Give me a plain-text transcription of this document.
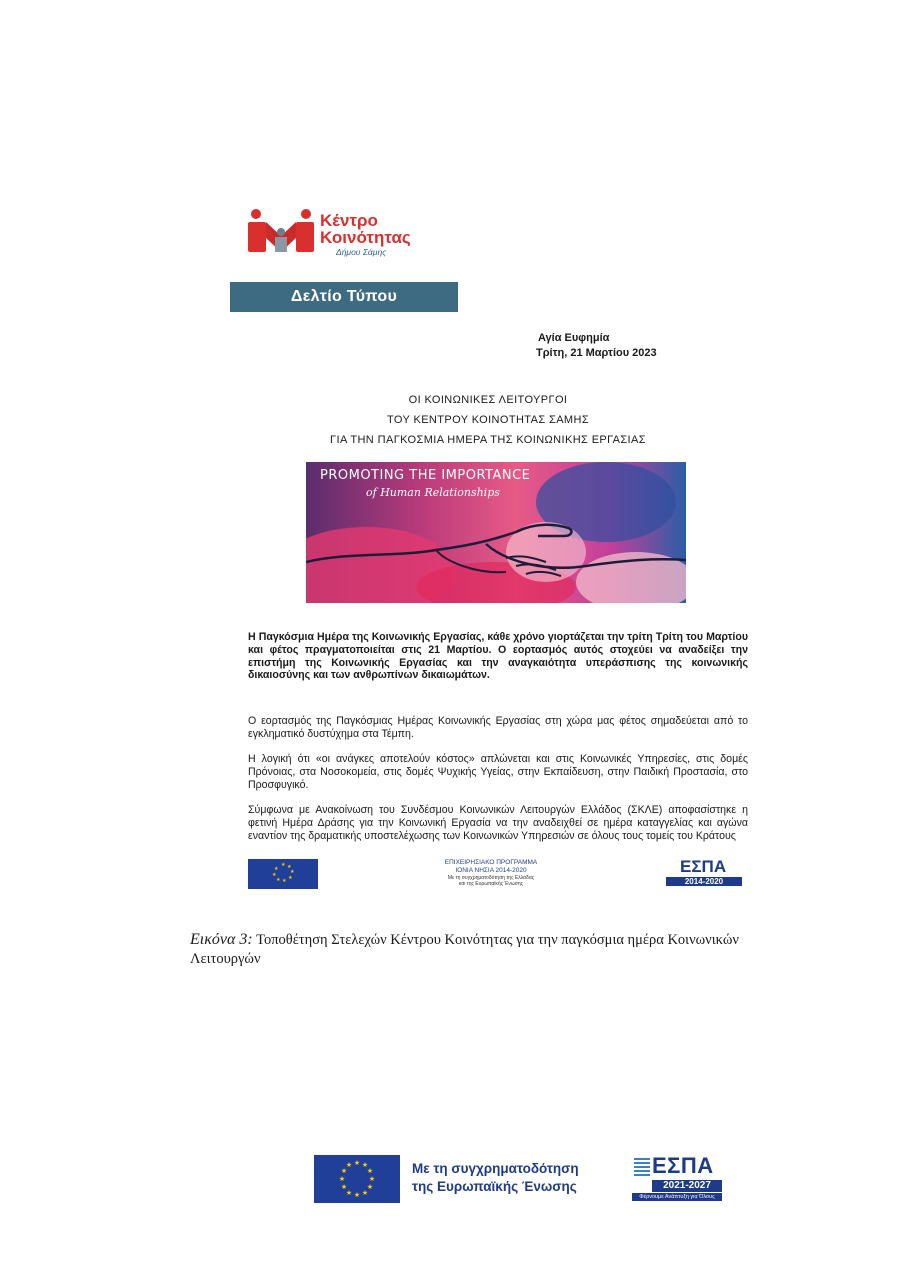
Κέντρο
Κοινότητας
Δήμου Σάμης
Δελτίο Τύπου
Αγία Ευφημία
Τρίτη, 21 Μαρτίου 2023
ΟΙ ΚΟΙΝΩΝΙΚΕΣ ΛΕΙΤΟΥΡΓΟΙ
ΤΟΥ ΚΕΝΤΡΟΥ ΚΟΙΝΟΤΗΤΑΣ ΣΑΜΗΣ
ΓΙΑ ΤΗΝ ΠΑΓΚΟΣΜΙΑ ΗΜΕΡΑ ΤΗΣ ΚΟΙΝΩΝΙΚΗΣ ΕΡΓΑΣΙΑΣ
PROMOTING THE IMPORTANCE
of Human Relationships

Η Παγκόσμια Ημέρα της Κοινωνικής Εργασίας, κάθε χρόνο γιορτάζεται την τρίτη Τρίτη του Μαρτίου και φέτος πραγματοποιείται στις 21 Μαρτίου. Ο εορτασμός αυτός στοχεύει να αναδείξει την επιστήμη της Κοινωνικής Εργασίας και την αναγκαιότητα υπεράσπισης της κοινωνικής δικαιοσύνης και των ανθρωπίνων δικαιωμάτων.

Ο εορτασμός της Παγκόσμιας Ημέρας Κοινωνικής Εργασίας στη χώρα μας φέτος σημαδεύεται από το εγκληματικό δυστύχημα στα Τέμπη.

Η λογική ότι «οι ανάγκες αποτελούν κόστος» απλώνεται και στις Κοινωνικές Υπηρεσίες, στις δομές Πρόνοιας, στα Νοσοκομεία, στις δομές Ψυχικής Υγείας, στην Εκπαίδευση, στην Παιδική Προστασία, στο Προσφυγικό.

Σύμφωνα με Ανακοίνωση του Συνδέσμου Κοινωνικών Λειτουργών Ελλάδος (ΣΚΛΕ) αποφασίστηκε η φετινή Ημέρα Δράσης για την Κοινωνική Εργασία να την αναδειχθεί σε ημέρα καταγγελίας και αγώνα εναντίον της δραματικής υποστελέχωσης των Κοινωνικών Υπηρεσιών σε όλους τους τομείς του Κράτους

★ ★
★
★
★
★
★
★
ΕΠΙΧΕΙΡΗΣΙΑΚΟ ΠΡΟΓΡΑΜΜΑ
ΙΟΝΙΑ ΝΗΣΙΑ 2014-2020
Με τη συγχρηματοδότηση της Ελλάδας
και της Ευρωπαϊκής Ένωσης
ΕΣΠΑ
2014-2020

Εικόνα 3: Τοποθέτηση Στελεχών Κέντρου Κοινότητας για την παγκόσμια ημέρα Κοινωνικών Λειτουργών

★ ★
★
★
★
★
★
★
★
★
★
★	Με τη συγχρηματοδότηση
της Ευρωπαϊκής Ένωσης
ΕΣΠΑ
2021-2027
Φέρνουμε Ανάπτυξη για Όλους
